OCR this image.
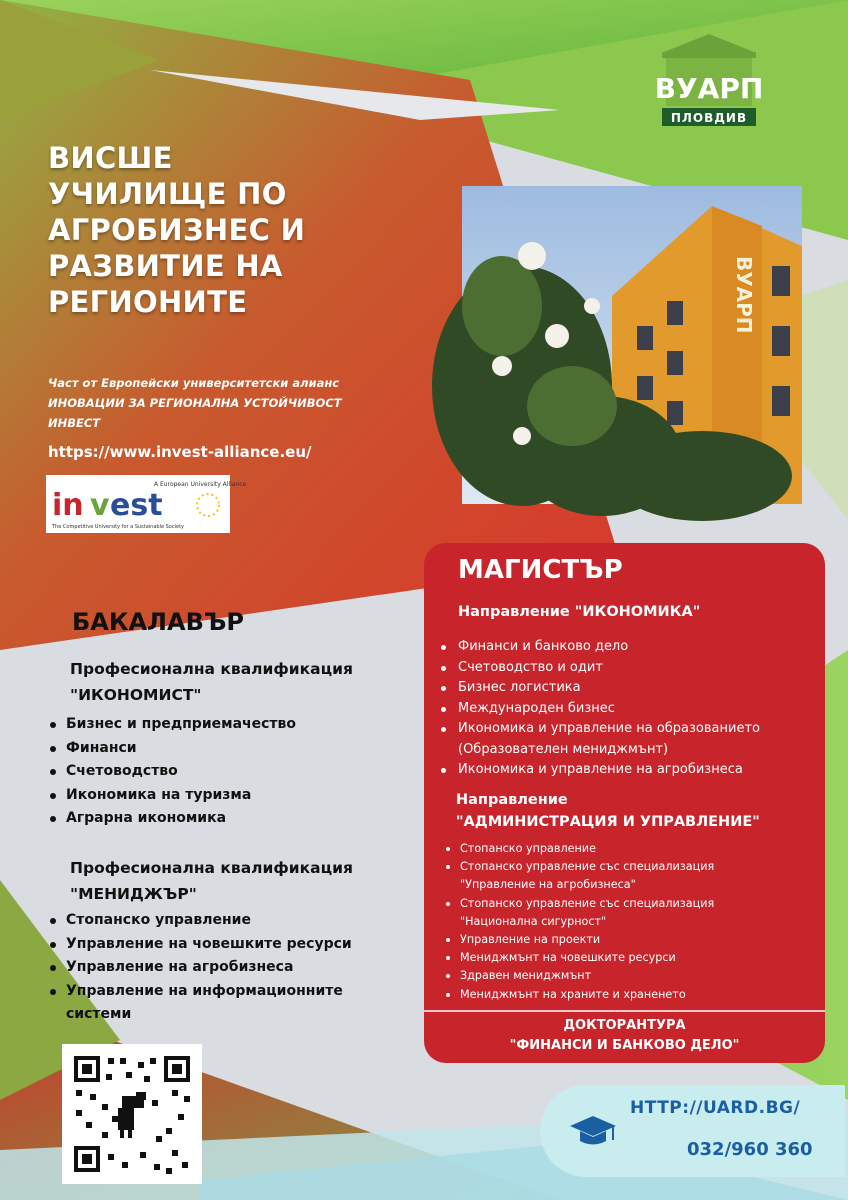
ВУАРП
ПЛОВДИВ
ВИСШЕ
УЧИЛИЩЕ ПО
АГРОБИЗНЕС И
РАЗВИТИЕ НА
РЕГИОНИТЕ
Част от Европейски университетски алианс
ИНОВАЦИИ ЗА РЕГИОНАЛНА УСТОЙЧИВОСТ
ИНВЕСТ
https://www.invest-alliance.eu/
A European University Alliance
in v est
The Competitive University for a Sustainable Society
ВУАРП
БАКАЛАВЪР
Професионална квалификация
"ИКОНОМИСТ"
Бизнес и предприемачество
Финанси
Счетоводство
Икономика на туризма
Аграрна икономика
Професионална квалификация
"МЕНИДЖЪР"
Стопанско управление
Управление на човешките ресурси
Управление на агробизнеса
Управление на информационните
системи
МАГИСТЪР
Направление "ИКОНОМИКА"
Финанси и банково дело
Счетоводство и одит
Бизнес логистика
Международен бизнес
Икономика и управление на образованието
(Образователен мениджмънт)
Икономика и управление на агробизнеса
Направление
"АДМИНИСТРАЦИЯ И УПРАВЛЕНИЕ"
Стопанско управление
Стопанско управление със специализация
"Управление на агробизнеса"
Стопанско управление със специализация
"Национална сигурност"
Управление на проекти
Мениджмънт на човешките ресурси
Здравен мениджмънт
Мениджмънт на храните и храненето
ДОКТОРАНТУРА
"ФИНАНСИ И БАНКОВО ДЕЛО"
HTTP://UARD.BG/
032/960 360
